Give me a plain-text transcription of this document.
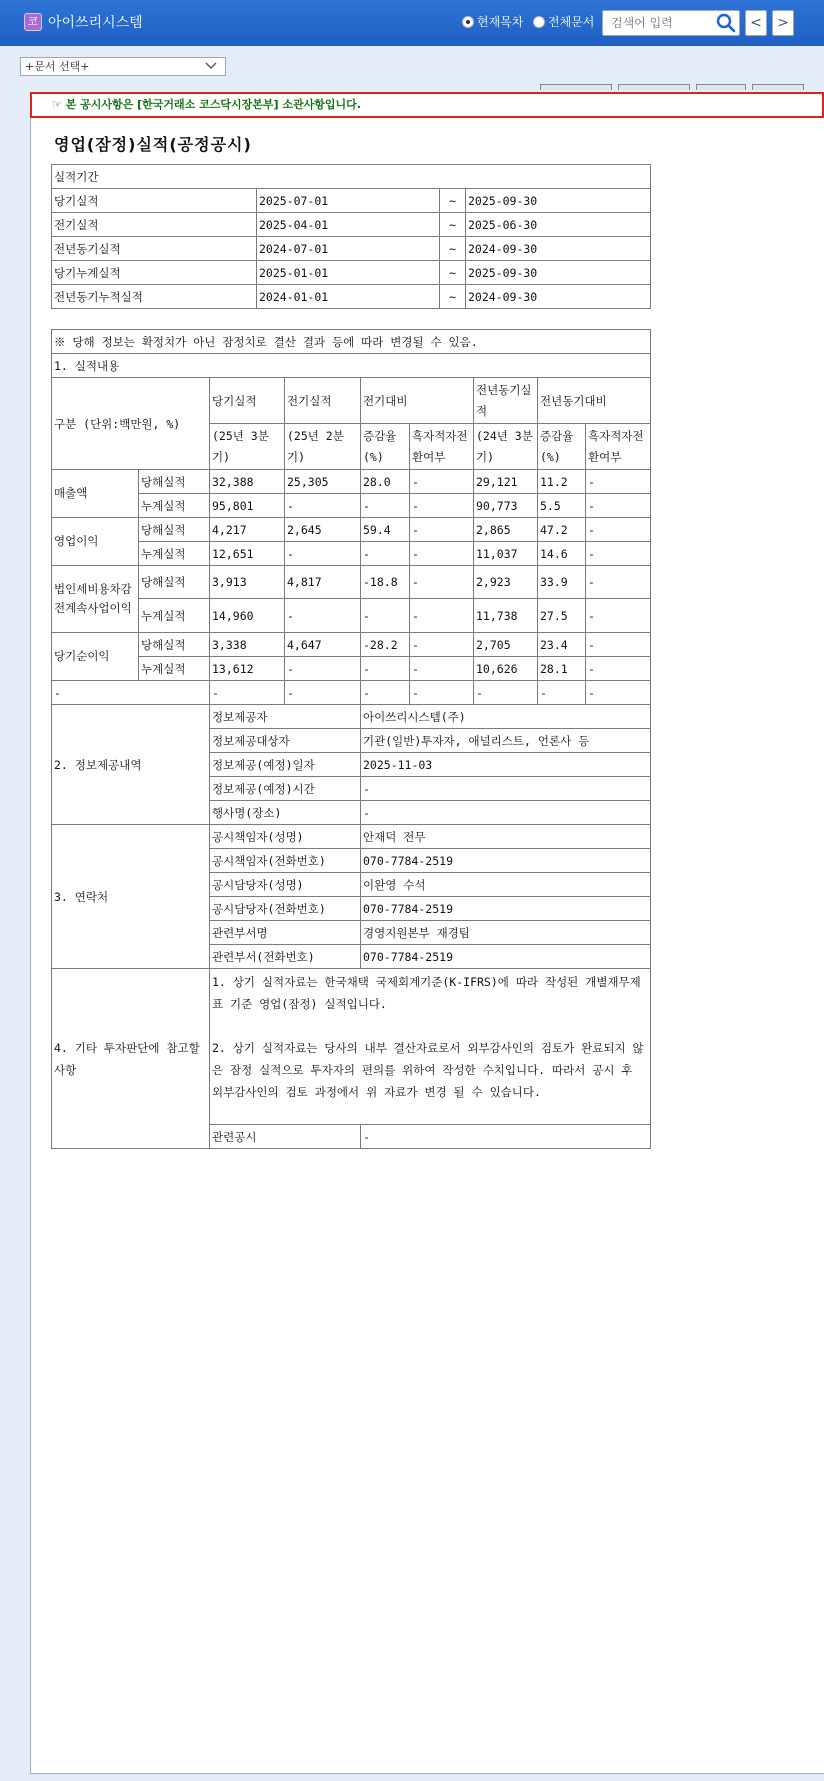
코 아이쓰리시스템	현재목차 전체문서
검색어 입력	<	>
+문서 선택+
☞ 본 공시사항은 [한국거래소 코스닥시장본부] 소관사항입니다.
영업(잠정)실적(공정공시)
실적기간			
당기실적	2025-07-01	~	2025-09-30
전기실적	2025-04-01	~	2025-06-30
전년동기실적	2024-07-01	~	2024-09-30
당기누계실적	2025-01-01	~	2025-09-30
전년동기누적실적	2024-01-01	~	2024-09-30
※ 당해 정보는 확정치가 아닌 잠정치로 결산 결과 등에 따라 변경될 수 있음.								
1. 실적내용								
구분 (단위:백만원, %)		당기실적	전기실적	전기대비		전년동기실적	전년동기대비	
		(25년 3분기)	(25년 2분기)	증감율(%)	흑자적자전환여부	(24년 3분기)	증감율(%)	흑자적자전환여부
매출액	당해실적	32,388	25,305	28.0	-	29,121	11.2	-
	누계실적	95,801	-	-	-	90,773	5.5	-
영업이익	당해실적	4,217	2,645	59.4	-	2,865	47.2	-
	누계실적	12,651	-	-	-	11,037	14.6	-
법인세비용차감전계속사업이익	당해실적	3,913	4,817	-18.8	-	2,923	33.9	-
	누계실적	14,960	-	-	-	11,738	27.5	-
당기순이익	당해실적	3,338	4,647	-28.2	-	2,705	23.4	-
	누계실적	13,612	-	-	-	10,626	28.1	-
-		-	-	-	-	-	-	-
2. 정보제공내역		정보제공자		아이쓰리시스템(주)				
		정보제공대상자		기관(일반)투자자, 애널리스트, 언론사 등				
		정보제공(예정)일자		2025-11-03				
		정보제공(예정)시간		-				
		행사명(장소)		-				
3. 연락처		공시책임자(성명)		안재덕 전무				
		공시책임자(전화번호)		070-7784-2519				
		공시담당자(성명)		이완영 수석				
		공시담당자(전화번호)		070-7784-2519				
		관련부서명		경영지원본부 재경팀				
		관련부서(전화번호)		070-7784-2519				
4. 기타 투자판단에 참고할 사항		1. 상기 실적자료는 한국채택 국제회계기준(K-IFRS)에 따라 작성된 개별재무제표 기준 영업(잠정) 실적입니다.
2. 상기 실적자료는 당사의 내부 결산자료로서 외부감사인의 검토가 완료되지 않은 잠정 실적으로 투자자의 편의를 위하여 작성한 수치입니다. 따라서 공시 후 외부감사인의 검토 과정에서 위 자료가 변경 될 수 있습니다.						

		관련공시		-				
